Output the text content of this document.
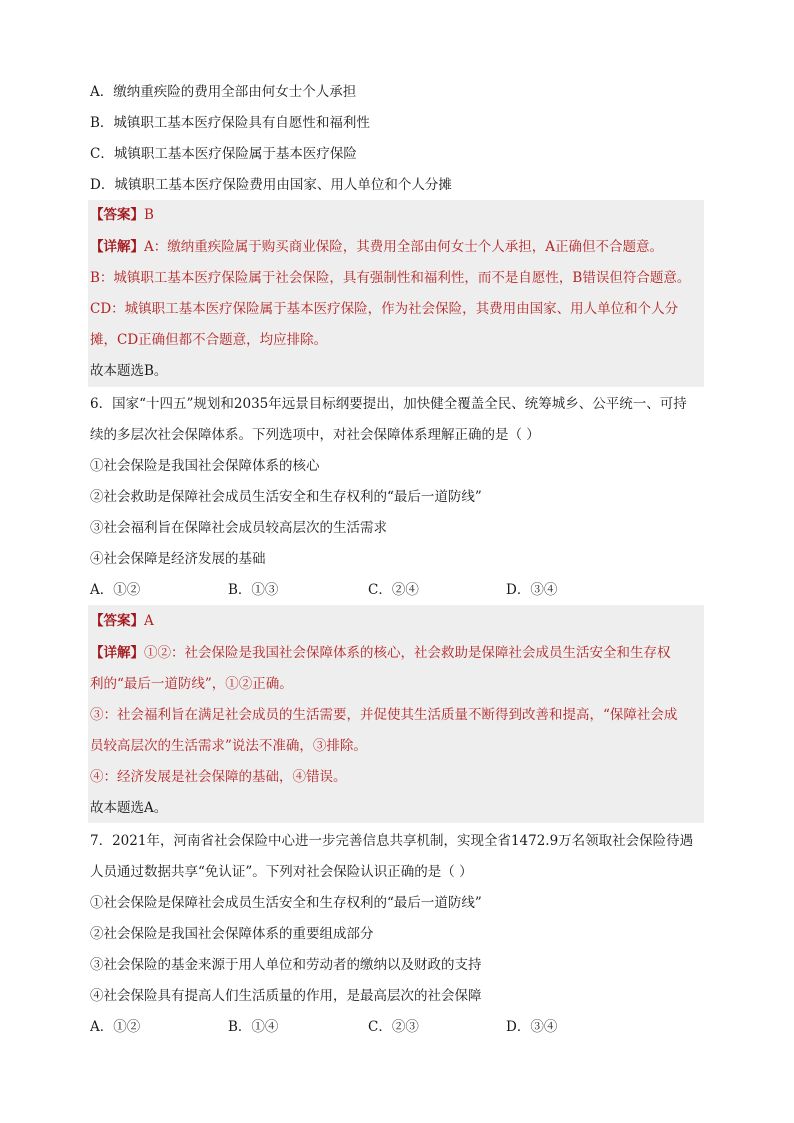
A．缴纳重疾险的费用全部由何女士个人承担
B．城镇职工基本医疗保险具有自愿性和福利性
C．城镇职工基本医疗保险属于基本医疗保险
D．城镇职工基本医疗保险费用由国家、用人单位和个人分摊
【答案】B
【详解】A：缴纳重疾险属于购买商业保险，其费用全部由何女士个人承担，A正确但不合题意。
B：城镇职工基本医疗保险属于社会保险，具有强制性和福利性，而不是自愿性，B错误但符合题意。
CD：城镇职工基本医疗保险属于基本医疗保险，作为社会保险，其费用由国家、用人单位和个人分
摊，CD正确但都不合题意，均应排除。
故本题选B。
6．国家“十四五”规划和2035年远景目标纲要提出，加快健全覆盖全民、统筹城乡、公平统一、可持
续的多层次社会保障体系。下列选项中，对社会保障体系理解正确的是（ ）
①社会保险是我国社会保障体系的核心
②社会救助是保障社会成员生活安全和生存权利的“最后一道防线”
③社会福利旨在保障社会成员较高层次的生活需求
④社会保障是经济发展的基础
A．①②	B．①③	C．②④	D．③④
【答案】A
【详解】①②：社会保险是我国社会保障体系的核心，社会救助是保障社会成员生活安全和生存权
利的“最后一道防线”，①②正确。
③：社会福利旨在满足社会成员的生活需要，并促使其生活质量不断得到改善和提高，“保障社会成
员较高层次的生活需求”说法不准确，③排除。
④：经济发展是社会保障的基础，④错误。
故本题选A。
7．2021年，河南省社会保险中心进一步完善信息共享机制，实现全省1472.9万名领取社会保险待遇
人员通过数据共享“免认证”。下列对社会保险认识正确的是（ ）
①社会保险是保障社会成员生活安全和生存权利的“最后一道防线”
②社会保险是我国社会保障体系的重要组成部分
③社会保险的基金来源于用人单位和劳动者的缴纳以及财政的支持
④社会保险具有提高人们生活质量的作用，是最高层次的社会保障
A．①②	B．①④	C．②③	D．③④
